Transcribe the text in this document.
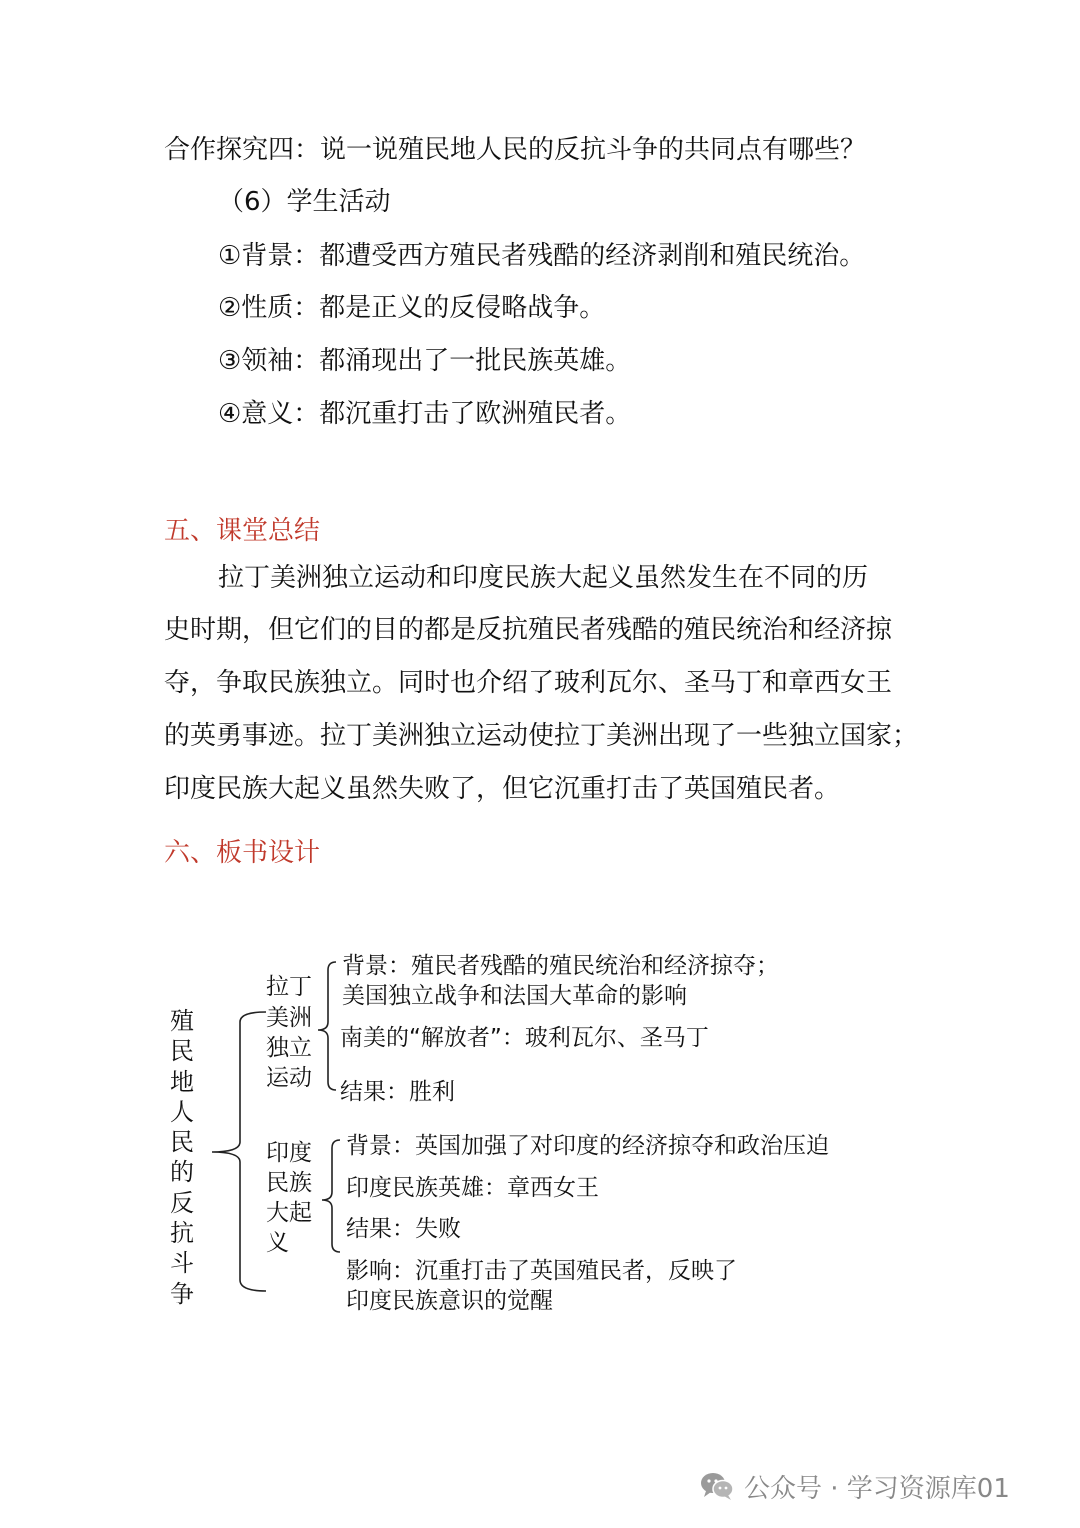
合作探究四：说一说殖民地人民的反抗斗争的共同点有哪些？
（6）学生活动
①背景：都遭受西方殖民者残酷的经济剥削和殖民统治。
②性质：都是正义的反侵略战争。
③领袖：都涌现出了一批民族英雄。
④意义：都沉重打击了欧洲殖民者。
五、课堂总结
拉丁美洲独立运动和印度民族大起义虽然发生在不同的历
史时期，但它们的目的都是反抗殖民者残酷的殖民统治和经济掠
夺，争取民族独立。同时也介绍了玻利瓦尔、圣马丁和章西女王
的英勇事迹。拉丁美洲独立运动使拉丁美洲出现了一些独立国家；
印度民族大起义虽然失败了，但它沉重打击了英国殖民者。
六、板书设计
殖民地人民的反抗斗争
拉丁
美洲独立运动
背景：殖民者残酷的殖民统治和经济掠夺；
美国独立战争和法国大革命的影响
南美的“解放者”：玻利瓦尔、圣马丁
结果：胜利
印度民族大起义
背景：英国加强了对印度的经济掠夺和政治压迫
印度民族英雄：章西女王
结果：失败
影响：沉重打击了英国殖民者，反映了
印度民族意识的觉醒
公众号 · 学习资源库01
